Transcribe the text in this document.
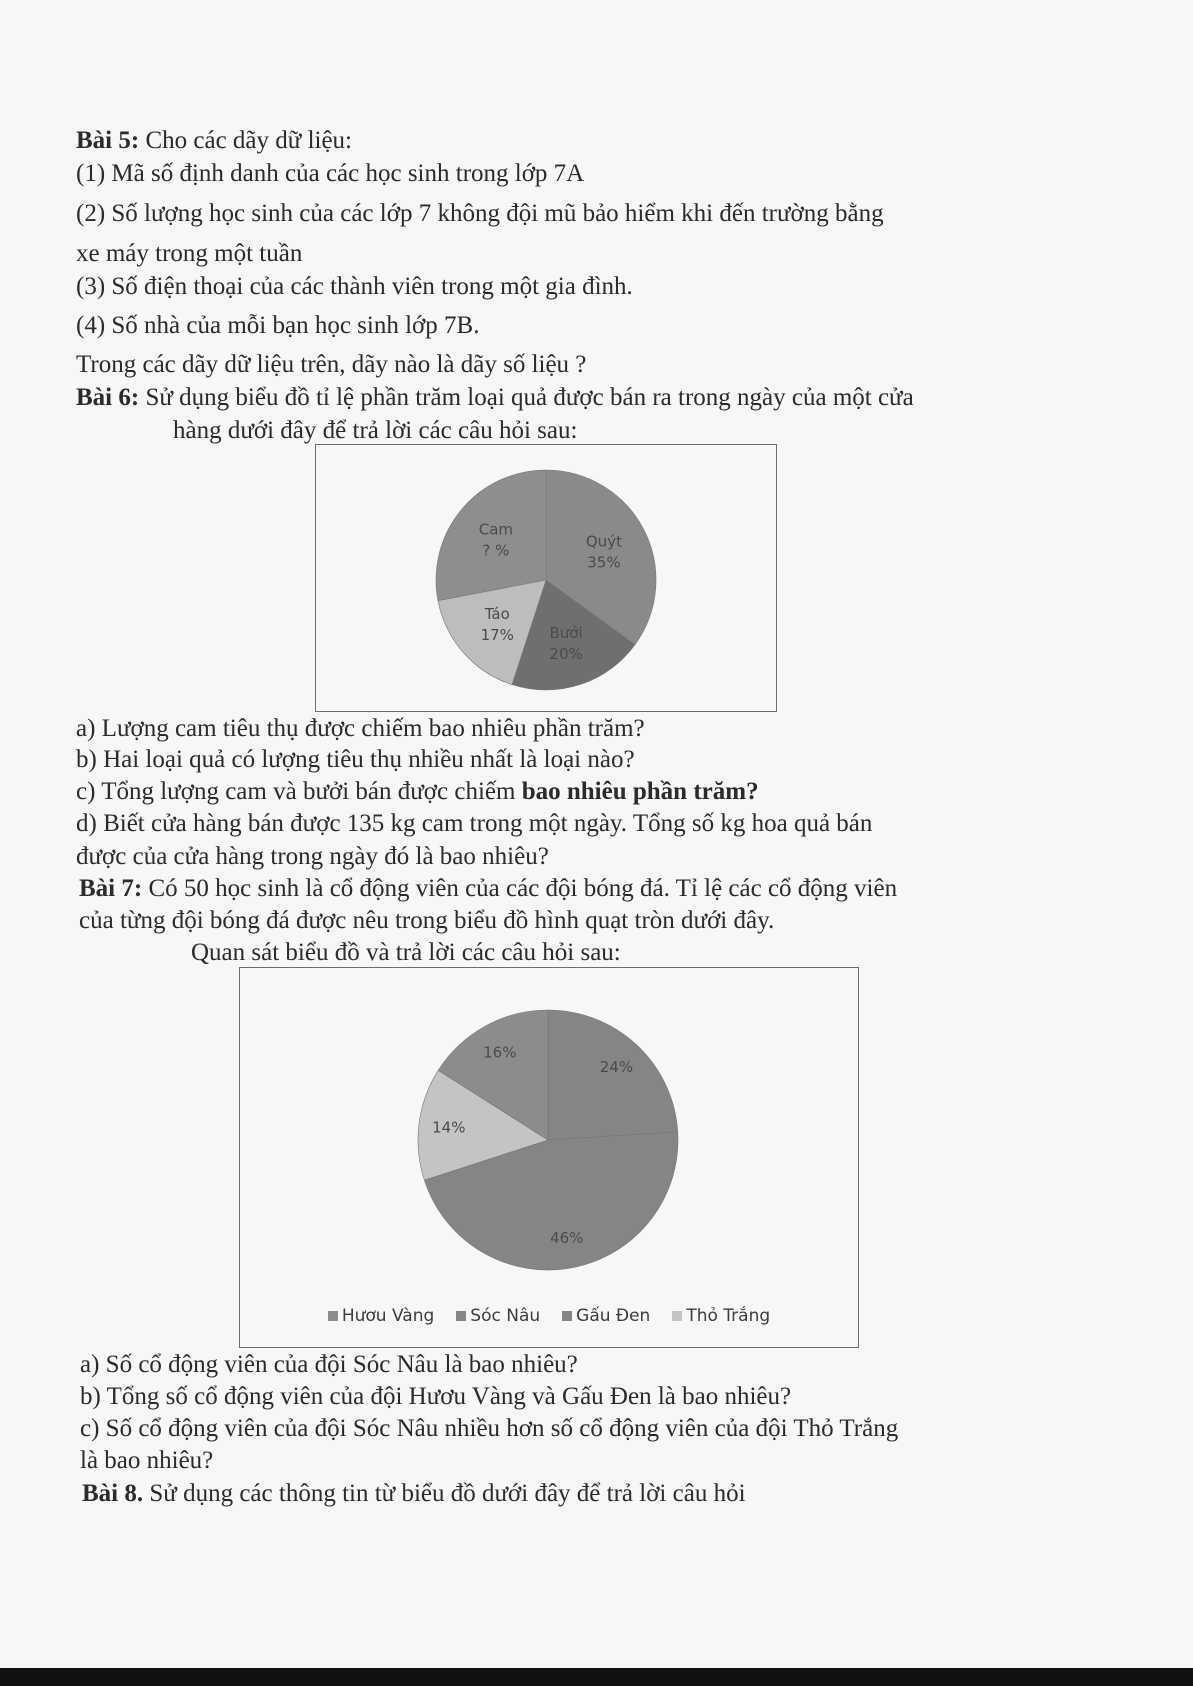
Bài 5: Cho các dãy dữ liệu:
(1) Mã số định danh của các học sinh trong lớp 7A
(2) Số lượng học sinh của các lớp 7 không đội mũ bảo hiểm khi đến trường bằng
xe máy trong một tuần
(3) Số điện thoại của các thành viên trong một gia đình.
(4) Số nhà của mỗi bạn học sinh lớp 7B.
Trong các dãy dữ liệu trên, dãy nào là dãy số liệu ?
Bài 6: Sử dụng biểu đồ tỉ lệ phần trăm loại quả được bán ra trong ngày của một cửa
hàng dưới đây để trả lời các câu hỏi sau:
Quýt
35%
Bưởi
20%
Táo
17%
Cam
? %
a) Lượng cam tiêu thụ được chiếm bao nhiêu phần trăm?
b) Hai loại quả có lượng tiêu thụ nhiều nhất là loại nào?
c) Tổng lượng cam và bưởi bán được chiếm bao nhiêu phần trăm?
d) Biết cửa hàng bán được 135 kg cam trong một ngày. Tổng số kg hoa quả bán
được của cửa hàng trong ngày đó là bao nhiêu?
Bài 7: Có 50 học sinh là cổ động viên của các đội bóng đá. Tỉ lệ các cổ động viên
của từng đội bóng đá được nêu trong biểu đồ hình quạt tròn dưới đây.
Quan sát biểu đồ và trả lời các câu hỏi sau:
24%
46%
14%
16%
Hươu Vàng Sóc Nâu Gấu Đen Thỏ Trắng
a) Số cổ động viên của đội Sóc Nâu là bao nhiêu?
b) Tổng số cổ động viên của đội Hươu Vàng và Gấu Đen là bao nhiêu?
c) Số cổ động viên của đội Sóc Nâu nhiều hơn số cổ động viên của đội Thỏ Trắng
là bao nhiêu?
Bài 8. Sử dụng các thông tin từ biểu đồ dưới đây để trả lời câu hỏi
